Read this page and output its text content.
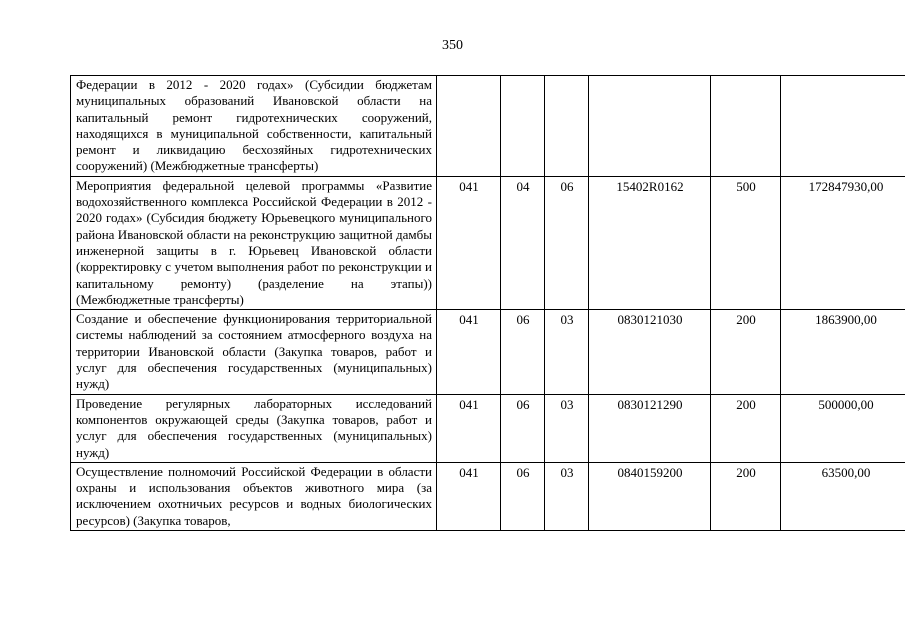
350
Федерации в 2012 - 2020 годах» (Субсидии бюджетам муниципальных образований Ивановской области на капитальный ремонт гидротехнических сооружений, находящихся в муниципальной собственности, капитальный ремонт и ликвидацию бесхозяйных гидротехнических сооружений) (Межбюджетные трансферты)						
Мероприятия федеральной целевой программы «Развитие водохозяйственного комплекса Российской Федерации в 2012 - 2020 годах» (Субсидия бюджету Юрьевецкого муниципального района Ивановской области на реконструкцию защитной дамбы инженерной защиты в г. Юрьевец Ивановской области (корректировку с учетом выполнения работ по реконструкции и капитальному ремонту) (разделение на этапы)) (Межбюджетные трансферты)	041	04	06	15402R0162	500	172847930,00
Создание и обеспечение функционирования территориальной системы наблюдений за состоянием атмосферного воздуха на территории Ивановской области (Закупка товаров, работ и услуг для обеспечения государственных (муниципальных) нужд)	041	06	03	0830121030	200	1863900,00
Проведение регулярных лабораторных исследований компонентов окружающей среды (Закупка товаров, работ и услуг для обеспечения государственных (муниципальных) нужд)	041	06	03	0830121290	200	500000,00
Осуществление полномочий Российской Федерации в области охраны и использования объектов животного мира (за исключением охотничьих ресурсов и водных биологических ресурсов) (Закупка товаров,	041	06	03	0840159200	200	63500,00
